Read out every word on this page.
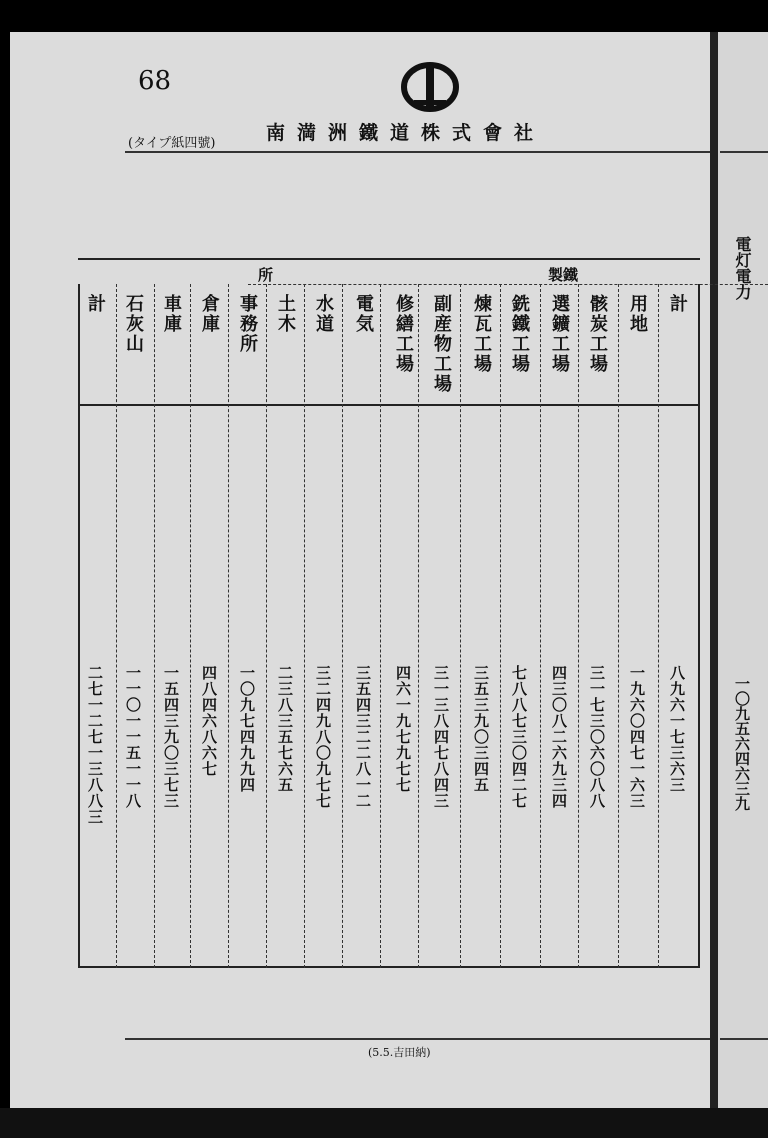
68
南満洲鐵道株式會社
(タイプ紙四號)
製鐵
所
計
八九六一七三六三
用地
一九六〇四七一六三
骸炭工場
三一七三〇六〇八八
選鑛工場
四三〇八二六九三四
銑鐵工場
七八八七三〇四二七
煉瓦工場
三五三九〇三四五
副産物工場
三一三八四七八四三
修繕工場
四六一九七九七七
電気
三五四三二二八一二
水道
三二四九八〇九七七
土木
二三八三五七六五
事務所
一〇九七四九九四
倉庫
四八四六八六七
車庫
一五四三九〇三七三
石灰山
一一〇一一五一一八
計
二七一二七一三八八三
電灯電力
一〇九五六四六三九
(5.5.吉田納)
